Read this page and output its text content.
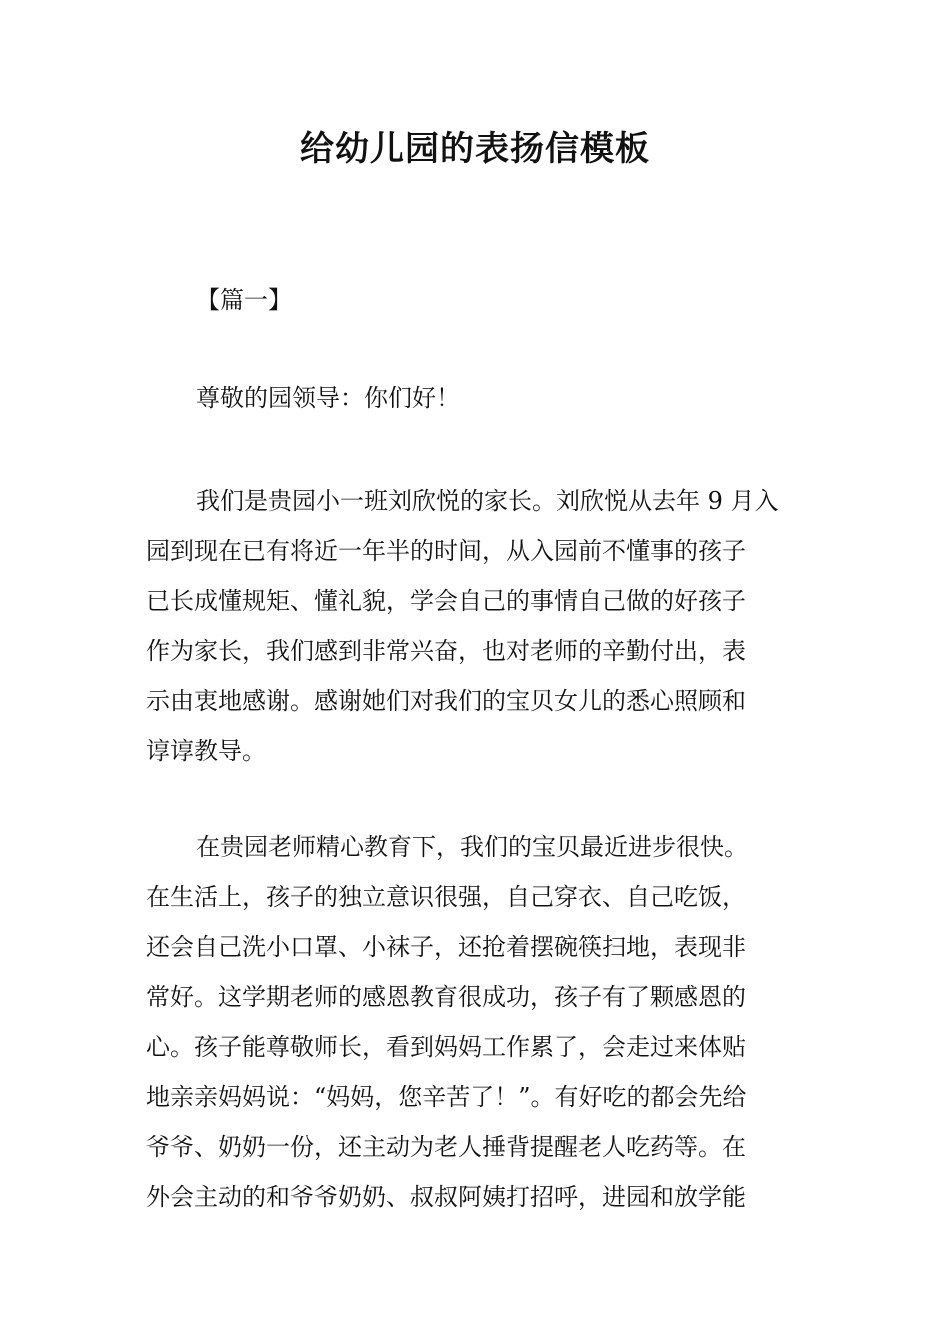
给幼儿园的表扬信模板
【篇一】
尊敬的园领导：你们好！
我们是贵园小一班刘欣悦的家长。刘欣悦从去年 9 月入
园到现在已有将近一年半的时间，从入园前不懂事的孩子
已长成懂规矩、懂礼貌，学会自己的事情自己做的好孩子
作为家长，我们感到非常兴奋，也对老师的辛勤付出，表
示由衷地感谢。感谢她们对我们的宝贝女儿的悉心照顾和
谆谆教导。
在贵园老师精心教育下，我们的宝贝最近进步很快。
在生活上，孩子的独立意识很强，自己穿衣、自己吃饭，
还会自己洗小口罩、小袜子，还抢着摆碗筷扫地，表现非
常好。这学期老师的感恩教育很成功，孩子有了颗感恩的
心。孩子能尊敬师长，看到妈妈工作累了，会走过来体贴
地亲亲妈妈说：“妈妈，您辛苦了！”。有好吃的都会先给
爷爷、奶奶一份，还主动为老人捶背提醒老人吃药等。在
外会主动的和爷爷奶奶、叔叔阿姨打招呼，进园和放学能
